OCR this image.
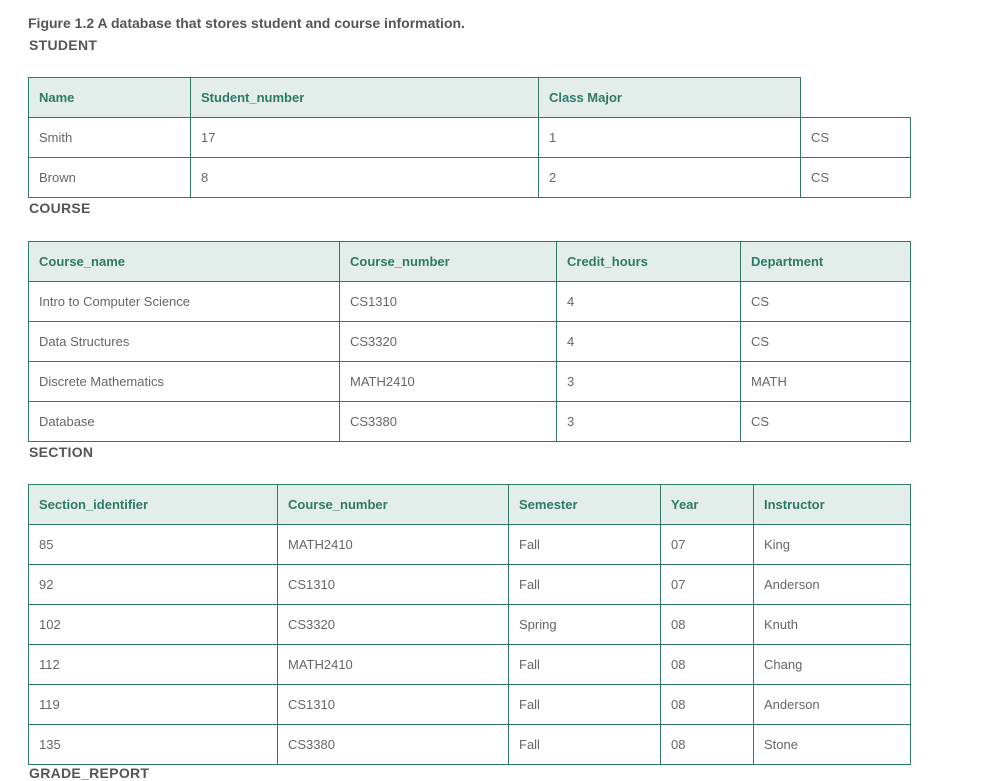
Figure 1.2 A database that stores student and course information.
STUDENT
Name	Student_number	Class Major	
Smith	17	1	CS
Brown	8	2	CS
COURSE
Course_name	Course_number	Credit_hours	Department
Intro to Computer Science	CS1310	4	CS
Data Structures	CS3320	4	CS
Discrete Mathematics	MATH2410	3	MATH
Database	CS3380	3	CS
SECTION
Section_identifier	Course_number	Semester	Year	Instructor
85	MATH2410	Fall	07	King
92	CS1310	Fall	07	Anderson
102	CS3320	Spring	08	Knuth
112	MATH2410	Fall	08	Chang
119	CS1310	Fall	08	Anderson
135	CS3380	Fall	08	Stone
GRADE_REPORT
